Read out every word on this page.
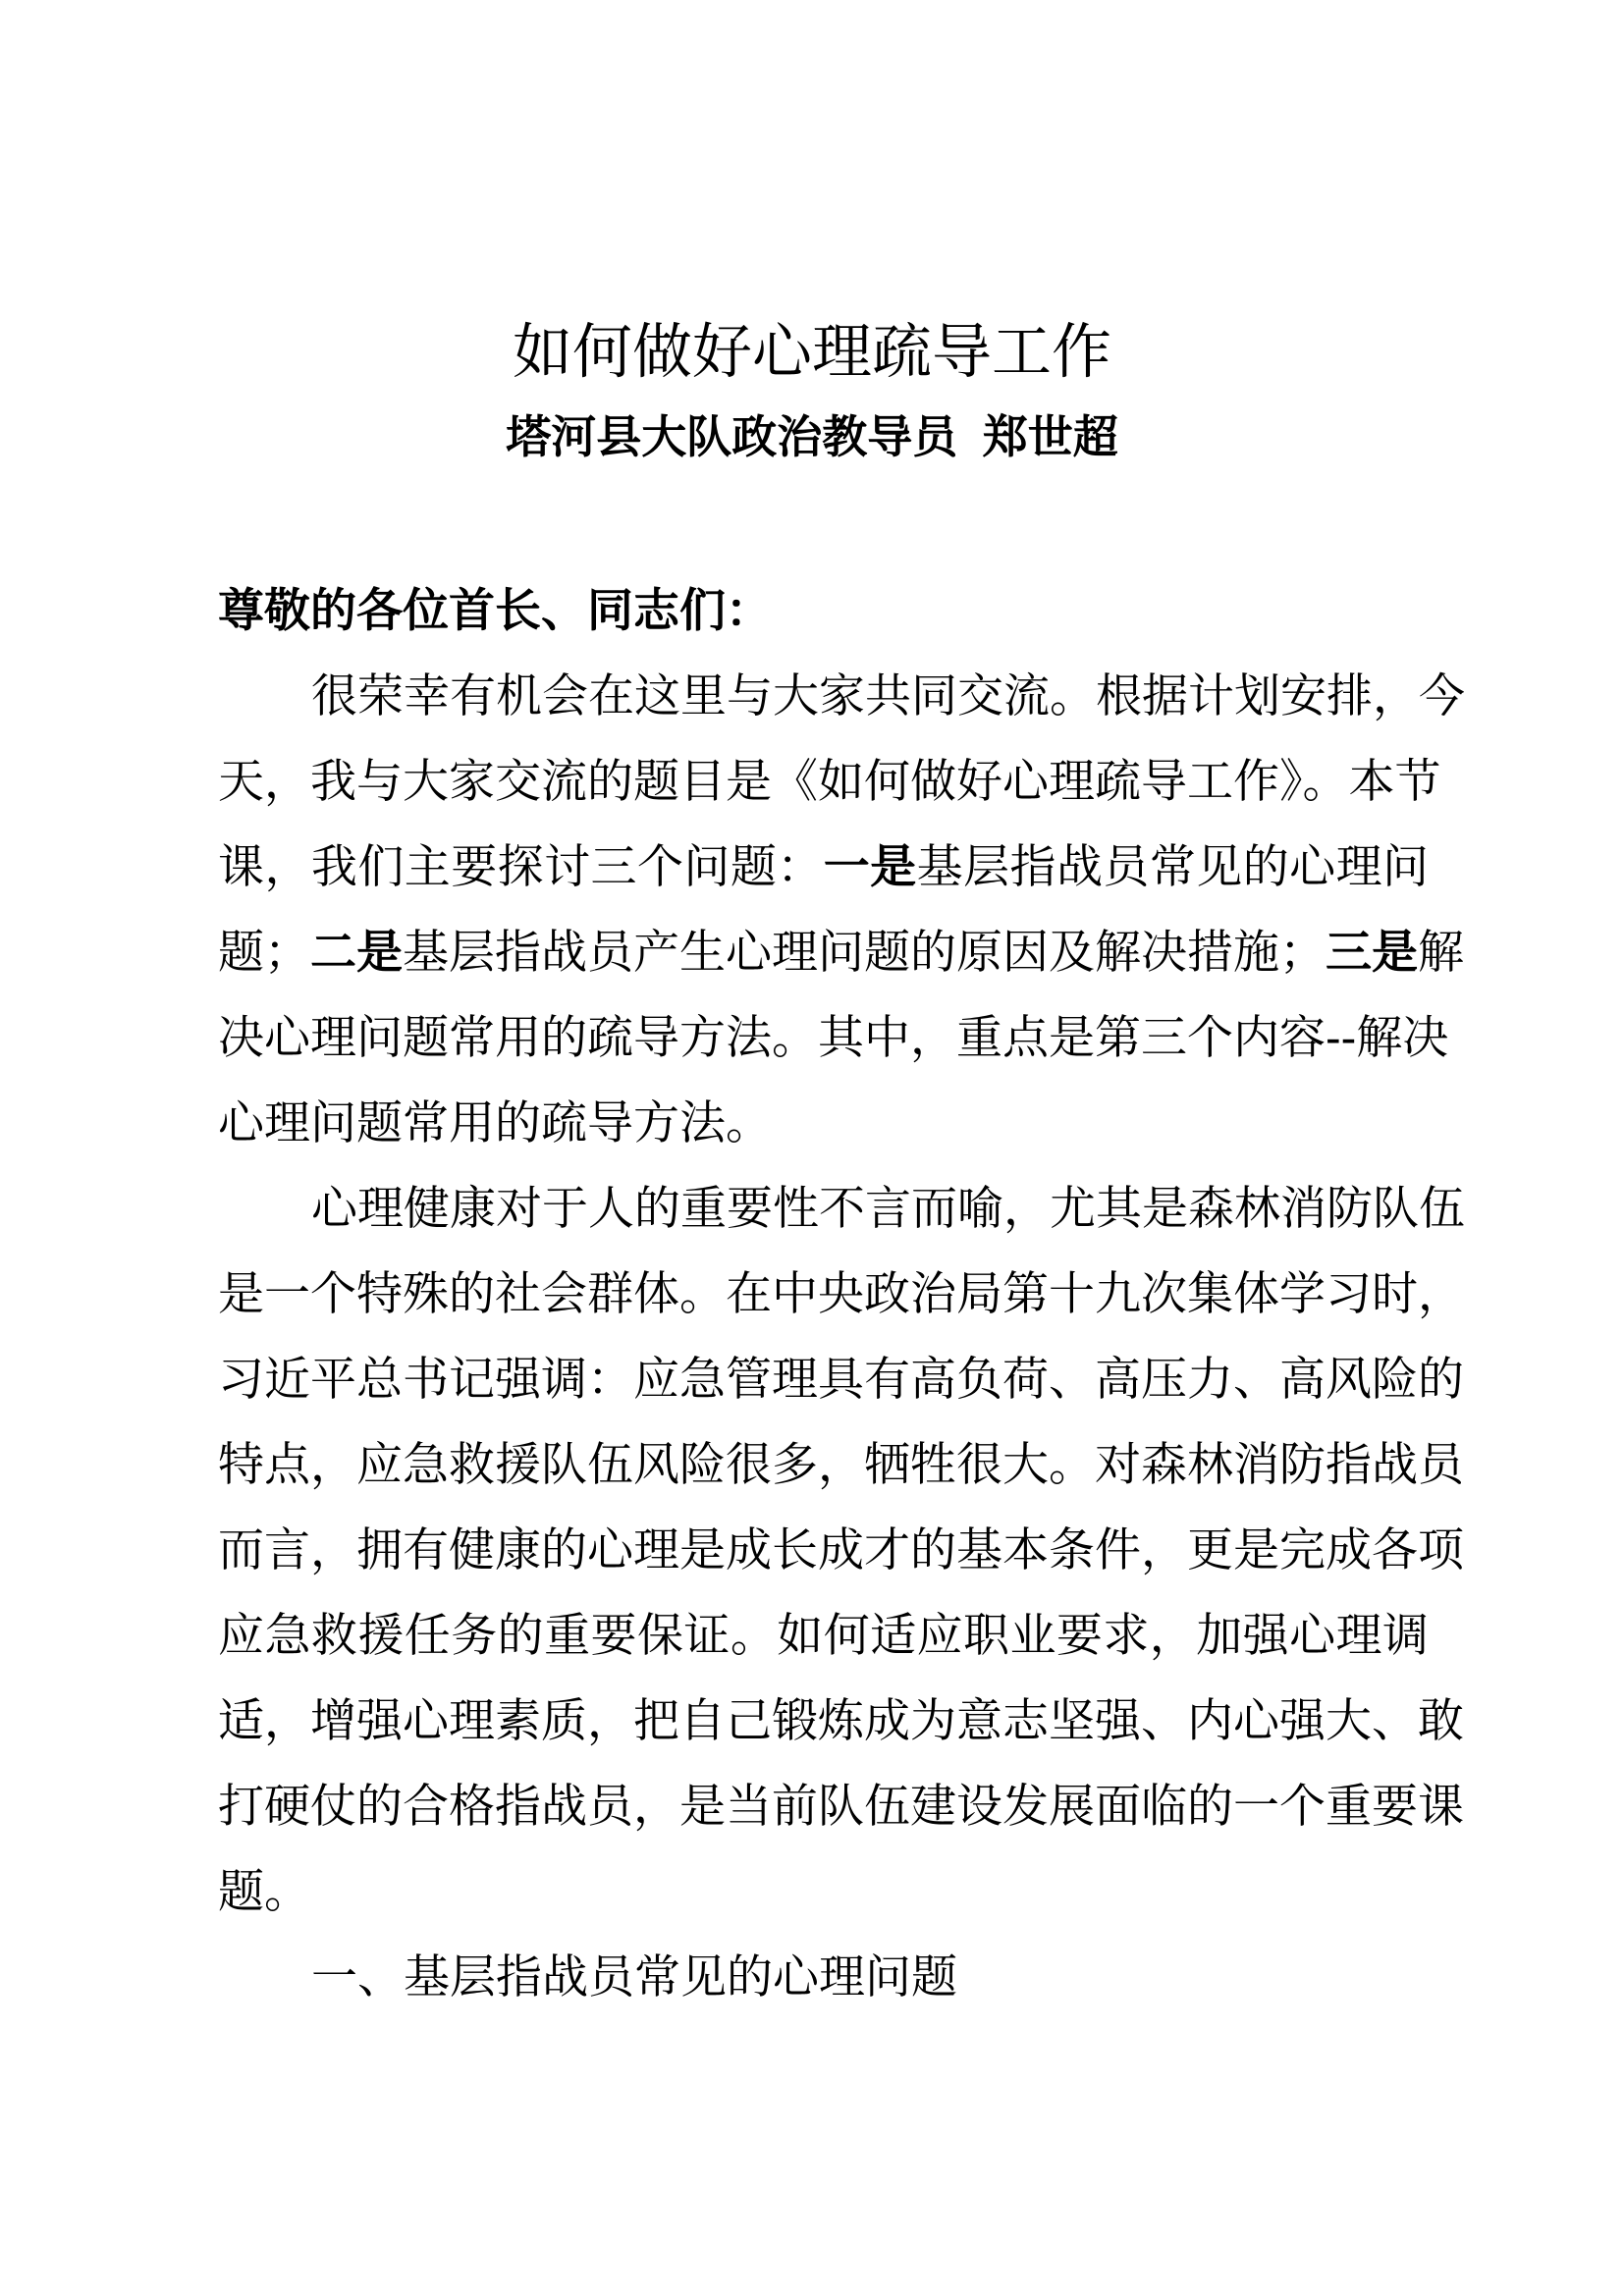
如何做好心理疏导工作
塔河县大队政治教导员  郑世超
尊敬的各位首长、同志们：
很荣幸有机会在这里与大家共同交流。根据计划安排，今
天，我与大家交流的题目是《如何做好心理疏导工作》。本节
课，我们主要探讨三个问题：一是基层指战员常见的心理问
题；二是基层指战员产生心理问题的原因及解决措施；三是解
决心理问题常用的疏导方法。其中，重点是第三个内容--解决
心理问题常用的疏导方法。
心理健康对于人的重要性不言而喻，尤其是森林消防队伍
是一个特殊的社会群体。在中央政治局第十九次集体学习时，
习近平总书记强调：应急管理具有高负荷、高压力、高风险的
特点，应急救援队伍风险很多，牺牲很大。对森林消防指战员
而言，拥有健康的心理是成长成才的基本条件，更是完成各项
应急救援任务的重要保证。如何适应职业要求，加强心理调
适，增强心理素质，把自己锻炼成为意志坚强、内心强大、敢
打硬仗的合格指战员，是当前队伍建设发展面临的一个重要课
题。
一、基层指战员常见的心理问题
